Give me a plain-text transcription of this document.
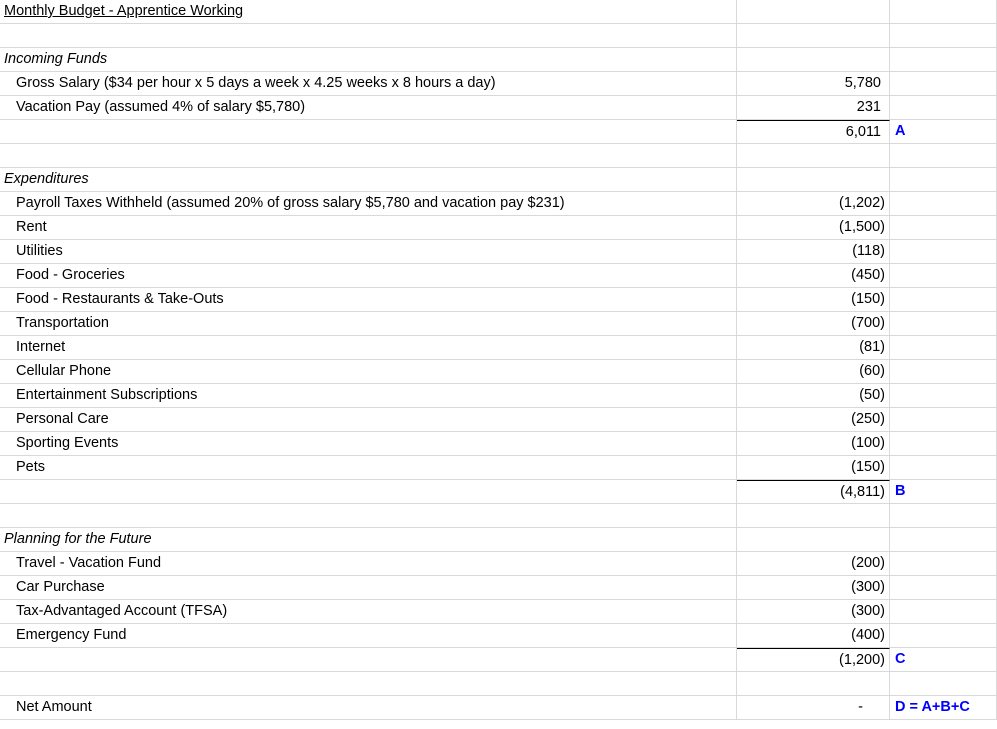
Monthly Budget - Apprentice Working
Incoming Funds
Gross Salary ($34 per hour x 5 days a week x 4.25 weeks x 8 hours a day)	5,780
Vacation Pay (assumed 4% of salary $5,780)	231
6,011 A
Expenditures
Payroll Taxes Withheld (assumed 20% of gross salary $5,780 and vacation pay $231)	(1,202)
Rent	(1,500)
Utilities	(118)
Food - Groceries	(450)
Food - Restaurants & Take-Outs	(150)
Transportation	(700)
Internet	(81)
Cellular Phone	(60)
Entertainment Subscriptions	(50)
Personal Care	(250)
Sporting Events	(100)
Pets	(150)
(4,811) B
Planning for the Future
Travel - Vacation Fund	(200)
Car Purchase	(300)
Tax-Advantaged Account (TFSA)	(300)
Emergency Fund	(400)
(1,200) C
Net Amount	-	D = A+B+C
